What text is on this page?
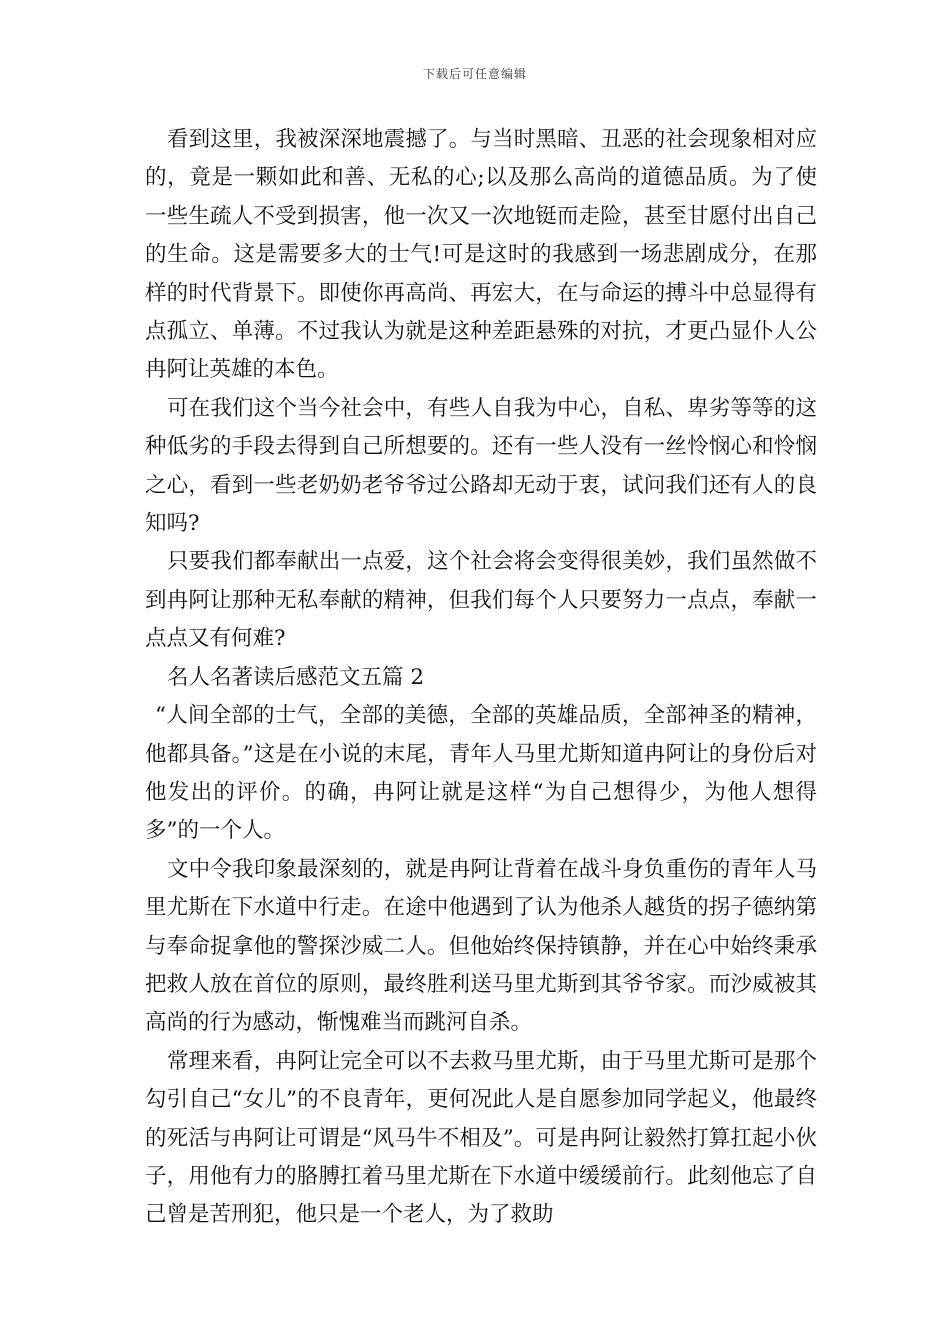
下载后可任意编辑

看到这里，我被深深地震撼了。与当时黑暗、丑恶的社会现象相对应的，竟是一颗如此和善、无私的心;以及那么高尚的道德品质。为了使一些生疏人不受到损害，他一次又一次地铤而走险，甚至甘愿付出自己的生命。这是需要多大的士气!可是这时的我感到一场悲剧成分，在那样的时代背景下。即使你再高尚、再宏大，在与命运的搏斗中总显得有点孤立、单薄。不过我认为就是这种差距悬殊的对抗，才更凸显仆人公冉阿让英雄的本色。

可在我们这个当今社会中，有些人自我为中心，自私、卑劣等等的这种低劣的手段去得到自己所想要的。还有一些人没有一丝怜悯心和怜悯之心，看到一些老奶奶老爷爷过公路却无动于衷，试问我们还有人的良知吗?

只要我们都奉献出一点爱，这个社会将会变得很美妙，我们虽然做不到冉阿让那种无私奉献的精神，但我们每个人只要努力一点点，奉献一点点又有何难?

名人名著读后感范文五篇 2

“人间全部的士气，全部的美德，全部的英雄品质，全部神圣的精神，他都具备。”这是在小说的末尾，青年人马里尤斯知道冉阿让的身份后对他发出的评价。的确，冉阿让就是这样“为自己想得少，为他人想得多”的一个人。

文中令我印象最深刻的，就是冉阿让背着在战斗身负重伤的青年人马里尤斯在下水道中行走。在途中他遇到了认为他杀人越货的拐子德纳第与奉命捉拿他的警探沙威二人。但他始终保持镇静，并在心中始终秉承把救人放在首位的原则，最终胜利送马里尤斯到其爷爷家。而沙威被其高尚的行为感动，惭愧难当而跳河自杀。

常理来看，冉阿让完全可以不去救马里尤斯，由于马里尤斯可是那个勾引自己“女儿”的不良青年，更何况此人是自愿参加同学起义，他最终的死活与冉阿让可谓是“风马牛不相及”。可是冉阿让毅然打算扛起小伙子，用他有力的胳膊扛着马里尤斯在下水道中缓缓前行。此刻他忘了自己曾是苦刑犯，他只是一个老人，为了救助
